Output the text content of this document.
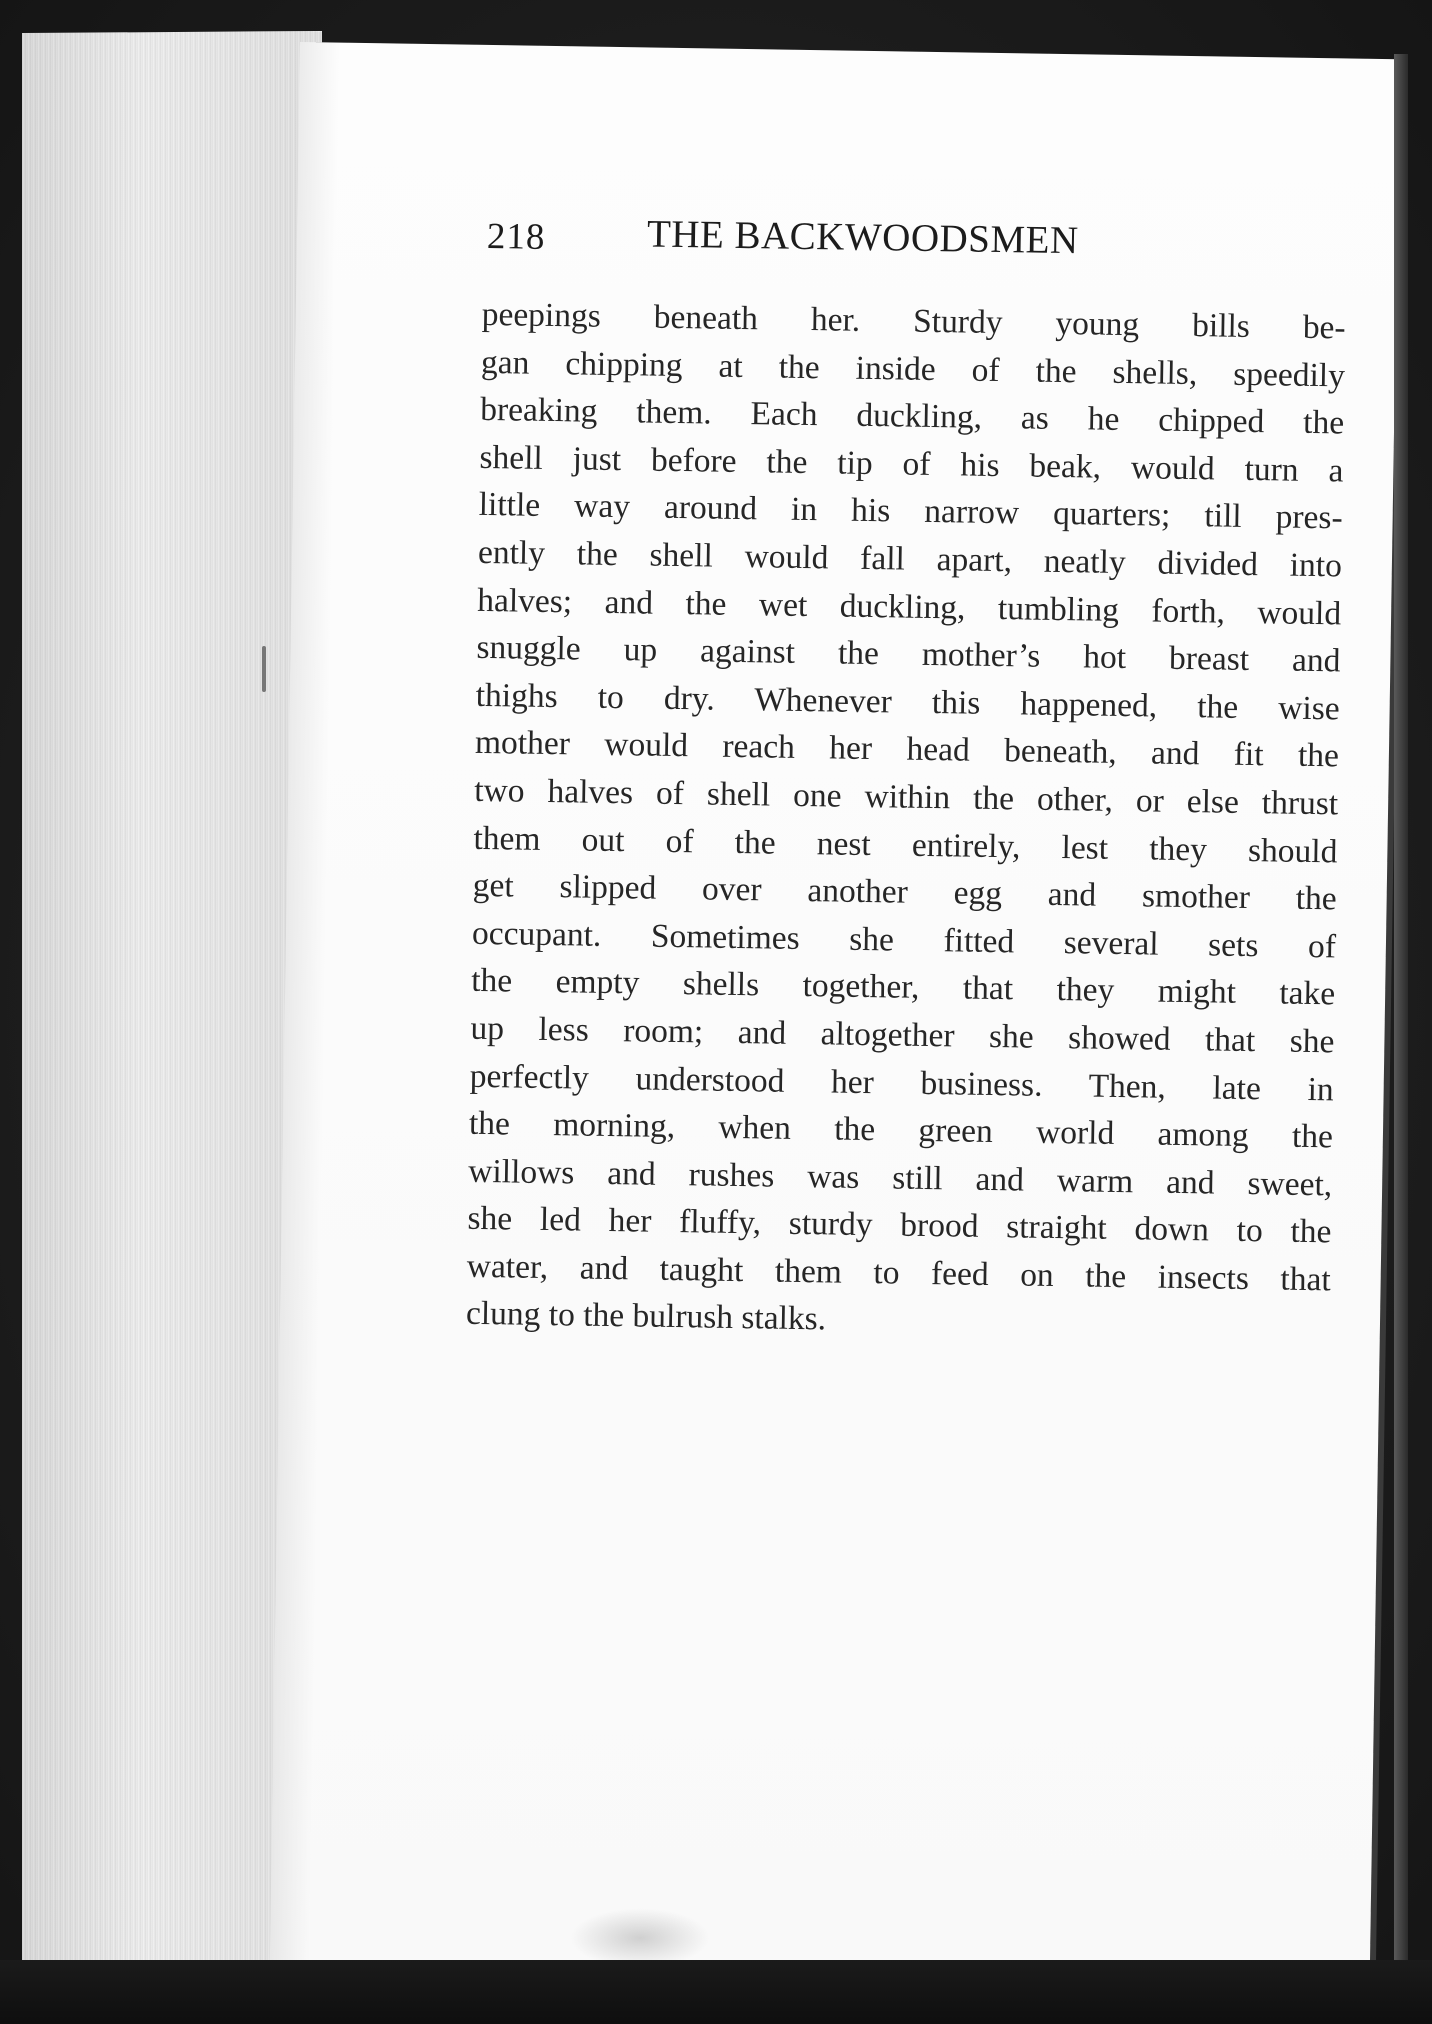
218	THE BACKWOODSMEN
peepings beneath her. Sturdy young bills be-
gan chipping at the inside of the shells, speedily
breaking them. Each duckling, as he chipped the
shell just before the tip of his beak, would turn a
little way around in his narrow quarters; till pres-
ently the shell would fall apart, neatly divided into
halves; and the wet duckling, tumbling forth, would
snuggle up against the mother’s hot breast and
thighs to dry. Whenever this happened, the wise
mother would reach her head beneath, and fit the
two halves of shell one within the other, or else thrust
them out of the nest entirely, lest they should
get slipped over another egg and smother the
occupant. Sometimes she fitted several sets of
the empty shells together, that they might take
up less room; and altogether she showed that she
perfectly understood her business. Then, late in
the morning, when the green world among the
willows and rushes was still and warm and sweet,
she led her fluffy, sturdy brood straight down to the
water, and taught them to feed on the insects that
clung to the bulrush stalks.
